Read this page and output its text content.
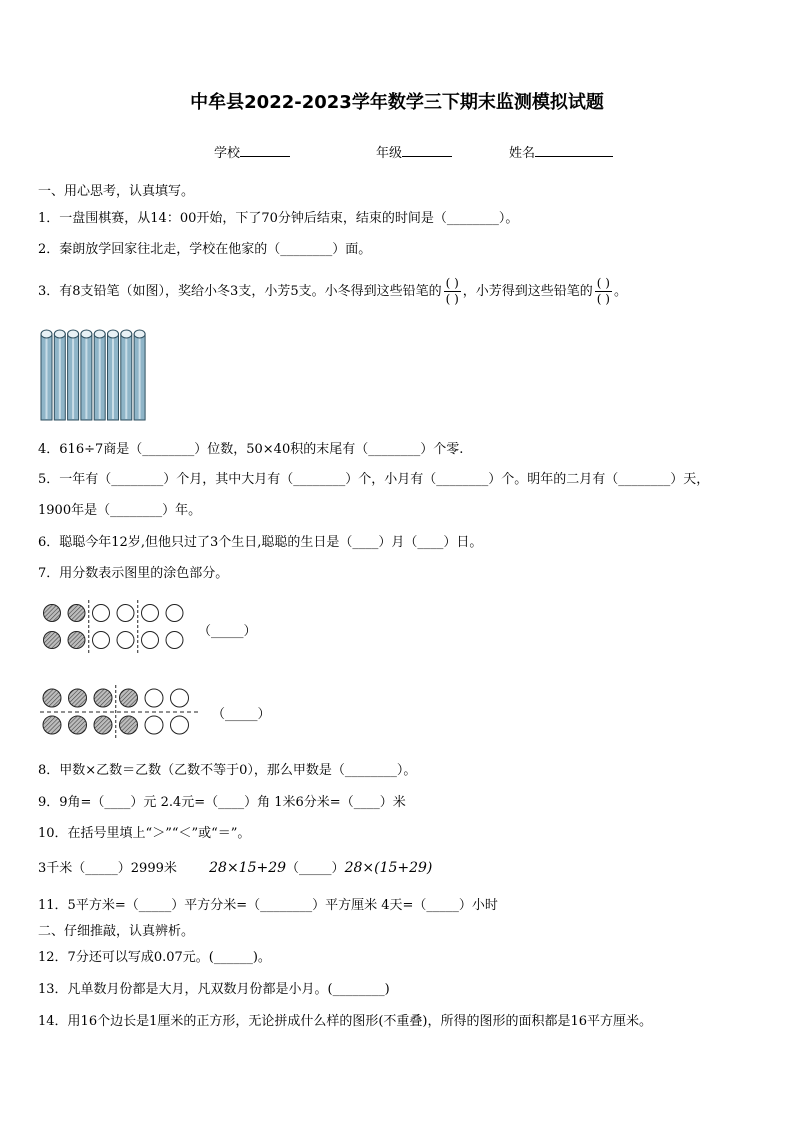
中牟县2022-2023学年数学三下期末监测模拟试题
学校	年级	姓名
一、用心思考，认真填写。
1．一盘围棋赛，从14：00开始，下了70分钟后结束，结束的时间是（________）。
2．秦朗放学回家往北走，学校在他家的（________）面。
3．有8支铅笔（如图），奖给小冬3支，小芳5支。小冬得到这些铅笔的 $\frac{( )}{( )}$ ，小芳得到这些铅笔的 $\frac{( )}{( )}$ 。
4．616÷7商是（________）位数，50×40积的末尾有（________）个零.
5．一年有（________）个月，其中大月有（________）个，小月有（________）个。明年的二月有（________）天，
1900年是（________）年。
6．聪聪今年12岁,但他只过了3个生日,聪聪的生日是（____）月（____）日。
7．用分数表示图里的涂色部分。
（_____）
（_____）
8．甲数×乙数＝乙数（乙数不等于0），那么甲数是（________）。
9．9角=（____）元 2.4元=（____）角 1米6分米=（____）米
10．在括号里填上“＞”“＜”或“＝”。
3千米（_____）2999米 28×15+29（_____）28×(15+29)
11．5平方米=（_____）平方分米=（________）平方厘米 4天=（_____）小时
二、仔细推敲，认真辨析。
12．7分还可以写成0.07元。(______)。
13．凡单数月份都是大月，凡双数月份都是小月。(________)
14．用16个边长是1厘米的正方形，无论拼成什么样的图形(不重叠)，所得的图形的面积都是16平方厘米。
